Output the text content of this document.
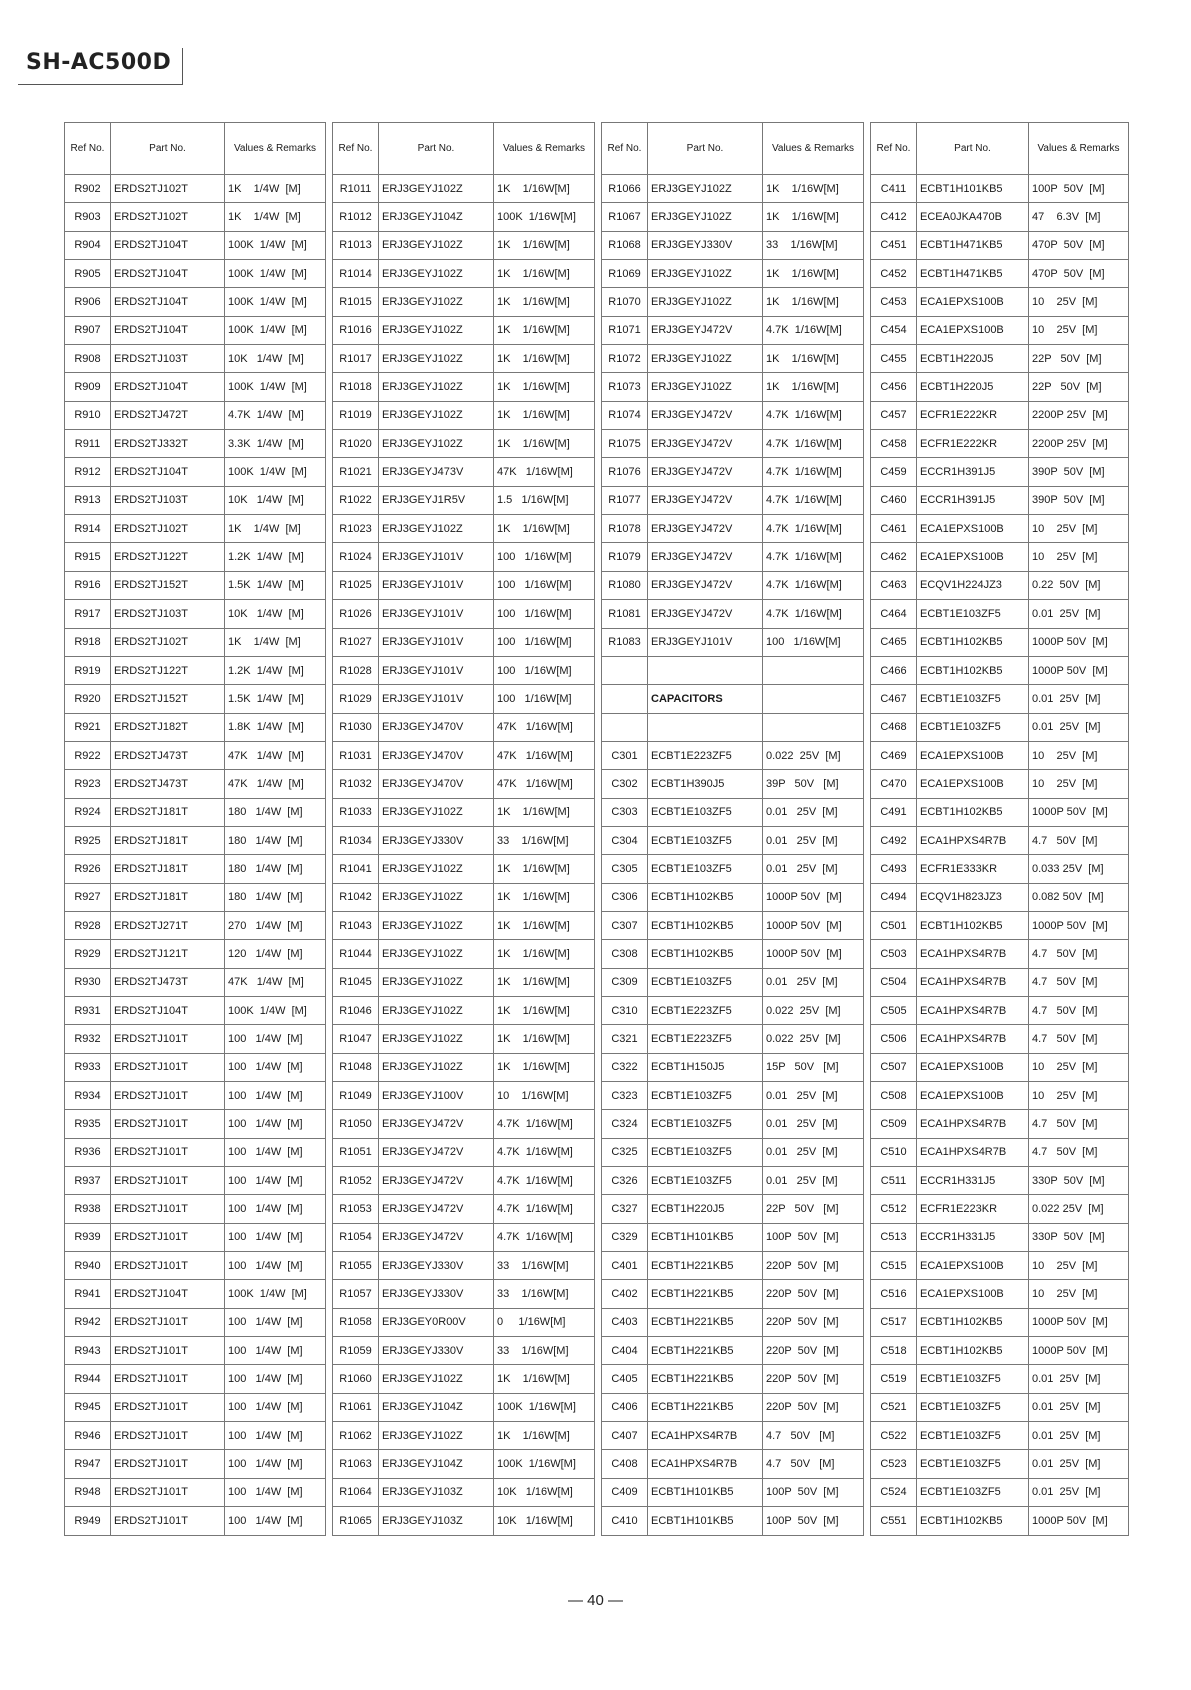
SH-AC500D
Ref No.	Part No.	Values & Remarks
R902	ERDS2TJ102T	1K    1/4W  [M]
R903	ERDS2TJ102T	1K    1/4W  [M]
R904	ERDS2TJ104T	100K  1/4W  [M]
R905	ERDS2TJ104T	100K  1/4W  [M]
R906	ERDS2TJ104T	100K  1/4W  [M]
R907	ERDS2TJ104T	100K  1/4W  [M]
R908	ERDS2TJ103T	10K   1/4W  [M]
R909	ERDS2TJ104T	100K  1/4W  [M]
R910	ERDS2TJ472T	4.7K  1/4W  [M]
R911	ERDS2TJ332T	3.3K  1/4W  [M]
R912	ERDS2TJ104T	100K  1/4W  [M]
R913	ERDS2TJ103T	10K   1/4W  [M]
R914	ERDS2TJ102T	1K    1/4W  [M]
R915	ERDS2TJ122T	1.2K  1/4W  [M]
R916	ERDS2TJ152T	1.5K  1/4W  [M]
R917	ERDS2TJ103T	10K   1/4W  [M]
R918	ERDS2TJ102T	1K    1/4W  [M]
R919	ERDS2TJ122T	1.2K  1/4W  [M]
R920	ERDS2TJ152T	1.5K  1/4W  [M]
R921	ERDS2TJ182T	1.8K  1/4W  [M]
R922	ERDS2TJ473T	47K   1/4W  [M]
R923	ERDS2TJ473T	47K   1/4W  [M]
R924	ERDS2TJ181T	180   1/4W  [M]
R925	ERDS2TJ181T	180   1/4W  [M]
R926	ERDS2TJ181T	180   1/4W  [M]
R927	ERDS2TJ181T	180   1/4W  [M]
R928	ERDS2TJ271T	270   1/4W  [M]
R929	ERDS2TJ121T	120   1/4W  [M]
R930	ERDS2TJ473T	47K   1/4W  [M]
R931	ERDS2TJ104T	100K  1/4W  [M]
R932	ERDS2TJ101T	100   1/4W  [M]
R933	ERDS2TJ101T	100   1/4W  [M]
R934	ERDS2TJ101T	100   1/4W  [M]
R935	ERDS2TJ101T	100   1/4W  [M]
R936	ERDS2TJ101T	100   1/4W  [M]
R937	ERDS2TJ101T	100   1/4W  [M]
R938	ERDS2TJ101T	100   1/4W  [M]
R939	ERDS2TJ101T	100   1/4W  [M]
R940	ERDS2TJ101T	100   1/4W  [M]
R941	ERDS2TJ104T	100K  1/4W  [M]
R942	ERDS2TJ101T	100   1/4W  [M]
R943	ERDS2TJ101T	100   1/4W  [M]
R944	ERDS2TJ101T	100   1/4W  [M]
R945	ERDS2TJ101T	100   1/4W  [M]
R946	ERDS2TJ101T	100   1/4W  [M]
R947	ERDS2TJ101T	100   1/4W  [M]
R948	ERDS2TJ101T	100   1/4W  [M]
R949	ERDS2TJ101T	100   1/4W  [M]
Ref No.	Part No.	Values & Remarks
R1011	ERJ3GEYJ102Z	1K    1/16W[M]
R1012	ERJ3GEYJ104Z	100K  1/16W[M]
R1013	ERJ3GEYJ102Z	1K    1/16W[M]
R1014	ERJ3GEYJ102Z	1K    1/16W[M]
R1015	ERJ3GEYJ102Z	1K    1/16W[M]
R1016	ERJ3GEYJ102Z	1K    1/16W[M]
R1017	ERJ3GEYJ102Z	1K    1/16W[M]
R1018	ERJ3GEYJ102Z	1K    1/16W[M]
R1019	ERJ3GEYJ102Z	1K    1/16W[M]
R1020	ERJ3GEYJ102Z	1K    1/16W[M]
R1021	ERJ3GEYJ473V	47K   1/16W[M]
R1022	ERJ3GEYJ1R5V	1.5   1/16W[M]
R1023	ERJ3GEYJ102Z	1K    1/16W[M]
R1024	ERJ3GEYJ101V	100   1/16W[M]
R1025	ERJ3GEYJ101V	100   1/16W[M]
R1026	ERJ3GEYJ101V	100   1/16W[M]
R1027	ERJ3GEYJ101V	100   1/16W[M]
R1028	ERJ3GEYJ101V	100   1/16W[M]
R1029	ERJ3GEYJ101V	100   1/16W[M]
R1030	ERJ3GEYJ470V	47K   1/16W[M]
R1031	ERJ3GEYJ470V	47K   1/16W[M]
R1032	ERJ3GEYJ470V	47K   1/16W[M]
R1033	ERJ3GEYJ102Z	1K    1/16W[M]
R1034	ERJ3GEYJ330V	33    1/16W[M]
R1041	ERJ3GEYJ102Z	1K    1/16W[M]
R1042	ERJ3GEYJ102Z	1K    1/16W[M]
R1043	ERJ3GEYJ102Z	1K    1/16W[M]
R1044	ERJ3GEYJ102Z	1K    1/16W[M]
R1045	ERJ3GEYJ102Z	1K    1/16W[M]
R1046	ERJ3GEYJ102Z	1K    1/16W[M]
R1047	ERJ3GEYJ102Z	1K    1/16W[M]
R1048	ERJ3GEYJ102Z	1K    1/16W[M]
R1049	ERJ3GEYJ100V	10    1/16W[M]
R1050	ERJ3GEYJ472V	4.7K  1/16W[M]
R1051	ERJ3GEYJ472V	4.7K  1/16W[M]
R1052	ERJ3GEYJ472V	4.7K  1/16W[M]
R1053	ERJ3GEYJ472V	4.7K  1/16W[M]
R1054	ERJ3GEYJ472V	4.7K  1/16W[M]
R1055	ERJ3GEYJ330V	33    1/16W[M]
R1057	ERJ3GEYJ330V	33    1/16W[M]
R1058	ERJ3GEY0R00V	0     1/16W[M]
R1059	ERJ3GEYJ330V	33    1/16W[M]
R1060	ERJ3GEYJ102Z	1K    1/16W[M]
R1061	ERJ3GEYJ104Z	100K  1/16W[M]
R1062	ERJ3GEYJ102Z	1K    1/16W[M]
R1063	ERJ3GEYJ104Z	100K  1/16W[M]
R1064	ERJ3GEYJ103Z	10K   1/16W[M]
R1065	ERJ3GEYJ103Z	10K   1/16W[M]
Ref No.	Part No.	Values & Remarks
R1066	ERJ3GEYJ102Z	1K    1/16W[M]
R1067	ERJ3GEYJ102Z	1K    1/16W[M]
R1068	ERJ3GEYJ330V	33    1/16W[M]
R1069	ERJ3GEYJ102Z	1K    1/16W[M]
R1070	ERJ3GEYJ102Z	1K    1/16W[M]
R1071	ERJ3GEYJ472V	4.7K  1/16W[M]
R1072	ERJ3GEYJ102Z	1K    1/16W[M]
R1073	ERJ3GEYJ102Z	1K    1/16W[M]
R1074	ERJ3GEYJ472V	4.7K  1/16W[M]
R1075	ERJ3GEYJ472V	4.7K  1/16W[M]
R1076	ERJ3GEYJ472V	4.7K  1/16W[M]
R1077	ERJ3GEYJ472V	4.7K  1/16W[M]
R1078	ERJ3GEYJ472V	4.7K  1/16W[M]
R1079	ERJ3GEYJ472V	4.7K  1/16W[M]
R1080	ERJ3GEYJ472V	4.7K  1/16W[M]
R1081	ERJ3GEYJ472V	4.7K  1/16W[M]
R1083	ERJ3GEYJ101V	100   1/16W[M]

	CAPACITORS	

C301	ECBT1E223ZF5	0.022  25V  [M]
C302	ECBT1H390J5	39P   50V   [M]
C303	ECBT1E103ZF5	0.01   25V  [M]
C304	ECBT1E103ZF5	0.01   25V  [M]
C305	ECBT1E103ZF5	0.01   25V  [M]
C306	ECBT1H102KB5	1000P 50V  [M]
C307	ECBT1H102KB5	1000P 50V  [M]
C308	ECBT1H102KB5	1000P 50V  [M]
C309	ECBT1E103ZF5	0.01   25V  [M]
C310	ECBT1E223ZF5	0.022  25V  [M]
C321	ECBT1E223ZF5	0.022  25V  [M]
C322	ECBT1H150J5	15P   50V   [M]
C323	ECBT1E103ZF5	0.01   25V  [M]
C324	ECBT1E103ZF5	0.01   25V  [M]
C325	ECBT1E103ZF5	0.01   25V  [M]
C326	ECBT1E103ZF5	0.01   25V  [M]
C327	ECBT1H220J5	22P   50V   [M]
C329	ECBT1H101KB5	100P  50V  [M]
C401	ECBT1H221KB5	220P  50V  [M]
C402	ECBT1H221KB5	220P  50V  [M]
C403	ECBT1H221KB5	220P  50V  [M]
C404	ECBT1H221KB5	220P  50V  [M]
C405	ECBT1H221KB5	220P  50V  [M]
C406	ECBT1H221KB5	220P  50V  [M]
C407	ECA1HPXS4R7B	4.7   50V   [M]
C408	ECA1HPXS4R7B	4.7   50V   [M]
C409	ECBT1H101KB5	100P  50V  [M]
C410	ECBT1H101KB5	100P  50V  [M]
Ref No.	Part No.	Values & Remarks
C411	ECBT1H101KB5	100P  50V  [M]
C412	ECEA0JKA470B	47    6.3V  [M]
C451	ECBT1H471KB5	470P  50V  [M]
C452	ECBT1H471KB5	470P  50V  [M]
C453	ECA1EPXS100B	10    25V  [M]
C454	ECA1EPXS100B	10    25V  [M]
C455	ECBT1H220J5	22P   50V  [M]
C456	ECBT1H220J5	22P   50V  [M]
C457	ECFR1E222KR	2200P 25V  [M]
C458	ECFR1E222KR	2200P 25V  [M]
C459	ECCR1H391J5	390P  50V  [M]
C460	ECCR1H391J5	390P  50V  [M]
C461	ECA1EPXS100B	10    25V  [M]
C462	ECA1EPXS100B	10    25V  [M]
C463	ECQV1H224JZ3	0.22  50V  [M]
C464	ECBT1E103ZF5	0.01  25V  [M]
C465	ECBT1H102KB5	1000P 50V  [M]
C466	ECBT1H102KB5	1000P 50V  [M]
C467	ECBT1E103ZF5	0.01  25V  [M]
C468	ECBT1E103ZF5	0.01  25V  [M]
C469	ECA1EPXS100B	10    25V  [M]
C470	ECA1EPXS100B	10    25V  [M]
C491	ECBT1H102KB5	1000P 50V  [M]
C492	ECA1HPXS4R7B	4.7   50V  [M]
C493	ECFR1E333KR	0.033 25V  [M]
C494	ECQV1H823JZ3	0.082 50V  [M]
C501	ECBT1H102KB5	1000P 50V  [M]
C503	ECA1HPXS4R7B	4.7   50V  [M]
C504	ECA1HPXS4R7B	4.7   50V  [M]
C505	ECA1HPXS4R7B	4.7   50V  [M]
C506	ECA1HPXS4R7B	4.7   50V  [M]
C507	ECA1EPXS100B	10    25V  [M]
C508	ECA1EPXS100B	10    25V  [M]
C509	ECA1HPXS4R7B	4.7   50V  [M]
C510	ECA1HPXS4R7B	4.7   50V  [M]
C511	ECCR1H331J5	330P  50V  [M]
C512	ECFR1E223KR	0.022 25V  [M]
C513	ECCR1H331J5	330P  50V  [M]
C515	ECA1EPXS100B	10    25V  [M]
C516	ECA1EPXS100B	10    25V  [M]
C517	ECBT1H102KB5	1000P 50V  [M]
C518	ECBT1H102KB5	1000P 50V  [M]
C519	ECBT1E103ZF5	0.01  25V  [M]
C521	ECBT1E103ZF5	0.01  25V  [M]
C522	ECBT1E103ZF5	0.01  25V  [M]
C523	ECBT1E103ZF5	0.01  25V  [M]
C524	ECBT1E103ZF5	0.01  25V  [M]
C551	ECBT1H102KB5	1000P 50V  [M]
— 40 —
